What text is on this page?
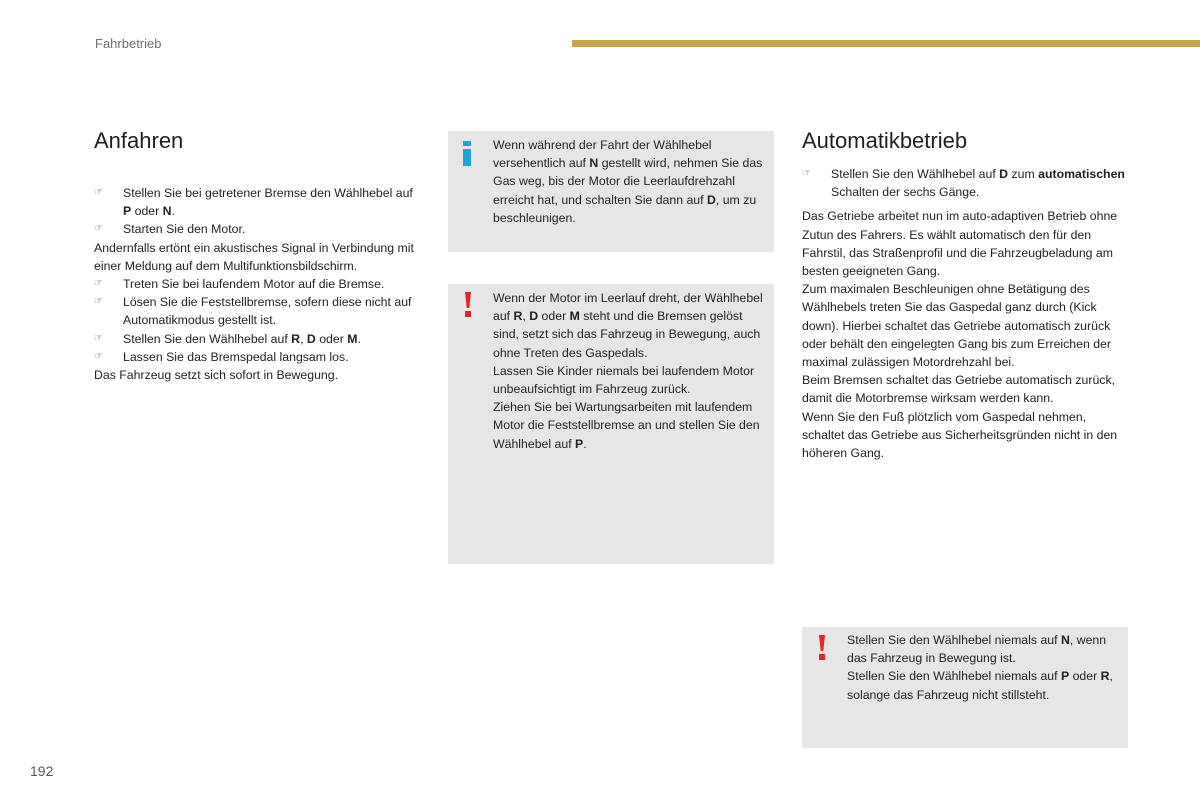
Fahrbetrieb
Anfahren

☞ Stellen Sie bei getretener Bremse den Wählhebel auf P oder N.

☞ Starten Sie den Motor.

Andernfalls ertönt ein akustisches Signal in Verbindung mit einer Meldung auf dem Multifunktionsbildschirm.

☞ Treten Sie bei laufendem Motor auf die Bremse.

☞ Lösen Sie die Feststellbremse, sofern diese nicht auf Automatikmodus gestellt ist.

☞ Stellen Sie den Wählhebel auf R, D oder M.

☞ Lassen Sie das Bremspedal langsam los.

Das Fahrzeug setzt sich sofort in Bewegung.

Wenn während der Fahrt der Wählhebel versehentlich auf N gestellt wird, nehmen Sie das Gas weg, bis der Motor die Leerlaufdrehzahl erreicht hat, und schalten Sie dann auf D, um zu beschleunigen.

Wenn der Motor im Leerlauf dreht, der Wählhebel auf R, D oder M steht und die Bremsen gelöst sind, setzt sich das Fahrzeug in Bewegung, auch ohne Treten des Gaspedals.

Lassen Sie Kinder niemals bei laufendem Motor unbeaufsichtigt im Fahrzeug zurück.

Ziehen Sie bei Wartungsarbeiten mit laufendem Motor die Feststellbremse an und stellen Sie den Wählhebel auf P.

Automatikbetrieb

☞ Stellen Sie den Wählhebel auf D zum automatischen Schalten der sechs Gänge.

Das Getriebe arbeitet nun im auto-adaptiven Betrieb ohne Zutun des Fahrers. Es wählt automatisch den für den Fahrstil, das Straßenprofil und die Fahrzeugbeladung am besten geeigneten Gang.

Zum maximalen Beschleunigen ohne Betätigung des Wählhebels treten Sie das Gaspedal ganz durch (Kick down). Hierbei schaltet das Getriebe automatisch zurück oder behält den eingelegten Gang bis zum Erreichen der maximal zulässigen Motordrehzahl bei.

Beim Bremsen schaltet das Getriebe automatisch zurück, damit die Motorbremse wirksam werden kann.

Wenn Sie den Fuß plötzlich vom Gaspedal nehmen, schaltet das Getriebe aus Sicherheitsgründen nicht in den höheren Gang.

Stellen Sie den Wählhebel niemals auf N, wenn das Fahrzeug in Bewegung ist.

Stellen Sie den Wählhebel niemals auf P oder R, solange das Fahrzeug nicht stillsteht.

192
